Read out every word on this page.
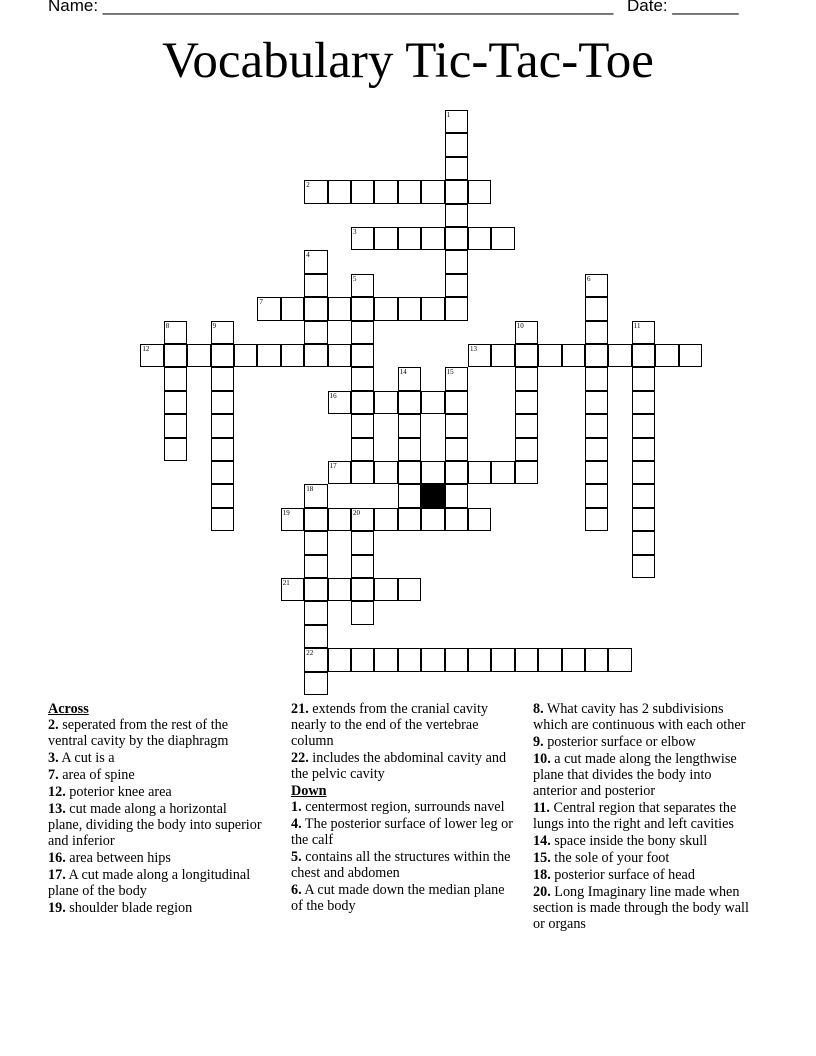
Name: ______________________________________________________ Date: _______
Vocabulary Tic-Tac-Toe
2
3
7
12	13
16
17
19	20
21
22
1
4
5	6
8	9	10	11
14	15
18
Across
2. seperated from the rest of the ventral cavity by the diaphragm
3. A cut is a
7. area of spine
12. poterior knee area
13. cut made along a horizontal plane, dividing the body into superior and inferior
16. area between hips
17. A cut made along a longitudinal plane of the body
19. shoulder blade region
21. extends from the cranial cavity nearly to the end of the vertebrae column
22. includes the abdominal cavity and the pelvic cavity
Down
1. centermost region, surrounds navel
4. The posterior surface of lower leg or the calf
5. contains all the structures within the chest and abdomen
6. A cut made down the median plane of the body
8. What cavity has 2 subdivisions which are continuous with each other
9. posterior surface or elbow
10. a cut made along the lengthwise plane that divides the body into anterior and posterior
11. Central region that separates the lungs into the right and left cavities
14. space inside the bony skull
15. the sole of your foot
18. posterior surface of head
20. Long Imaginary line made when section is made through the body wall or organs
